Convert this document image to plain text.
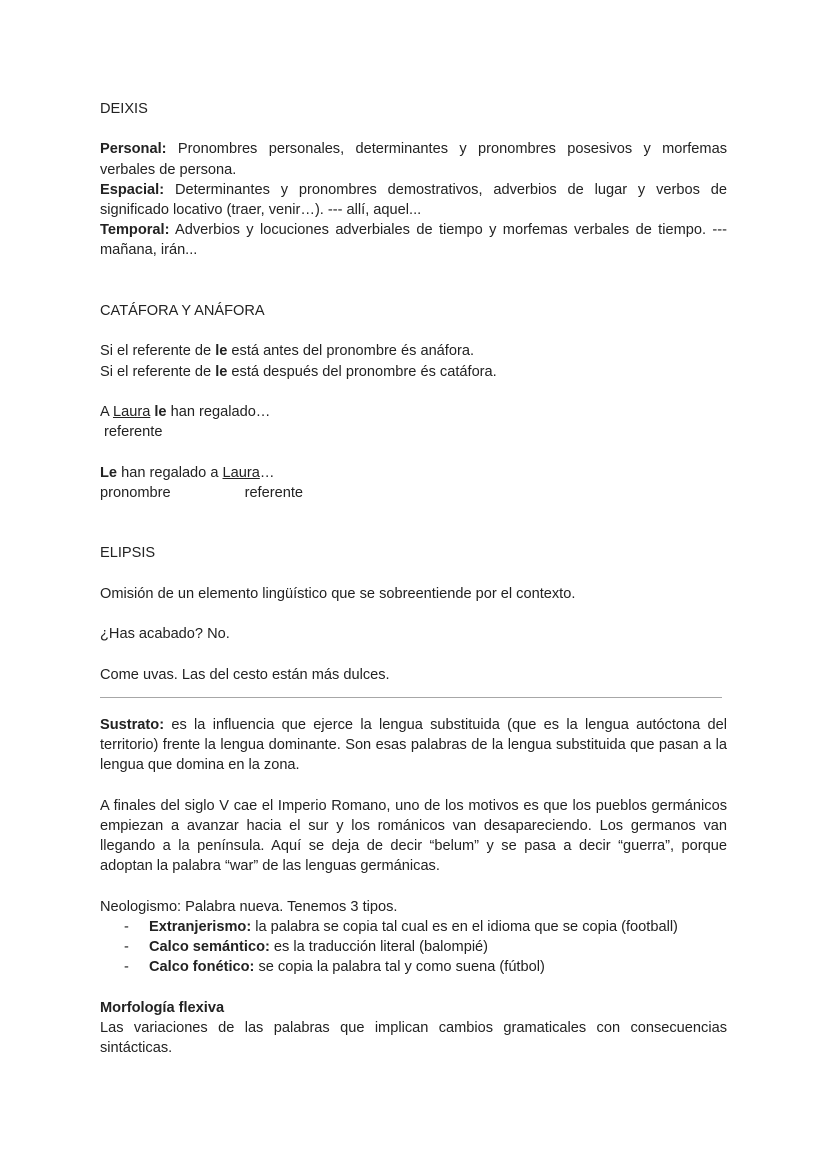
DEIXIS

Personal: Pronombres personales, determinantes y pronombres posesivos y morfemas verbales de persona.

Espacial: Determinantes y pronombres demostrativos, adverbios de lugar y verbos de significado locativo (traer, venir…). --- allí, aquel...

Temporal: Adverbios y locuciones adverbiales de tiempo y morfemas verbales de tiempo. --- mañana, irán...

CATÁFORA Y ANÁFORA

Si el referente de le está antes del pronombre és anáfora.

Si el referente de le está después del pronombre és catáfora.

A Laura le han regalado…

referente

Le han regalado a Laura…

pronombre	referente

ELIPSIS

Omisión de un elemento lingüístico que se sobreentiende por el contexto.

¿Has acabado? No.

Come uvas. Las del cesto están más dulces.

Sustrato: es la influencia que ejerce la lengua substituida (que es la lengua autóctona del territorio) frente la lengua dominante. Son esas palabras de la lengua substituida que pasan a la lengua que domina en la zona.

A finales del siglo V cae el Imperio Romano, uno de los motivos es que los pueblos germánicos empiezan a avanzar hacia el sur y los románicos van desapareciendo. Los germanos van llegando a la península. Aquí se deja de decir “belum” y se pasa a decir “guerra”, porque adoptan la palabra “war” de las lenguas germánicas.

Neologismo: Palabra nueva. Tenemos 3 tipos.

- Extranjerismo: la palabra se copia tal cual es en el idioma que se copia (football)
- Calco semántico: es la traducción literal (balompié)
- Calco fonético: se copia la palabra tal y como suena (fútbol)

Morfología flexiva

Las variaciones de las palabras que implican cambios gramaticales con consecuencias sintácticas.
